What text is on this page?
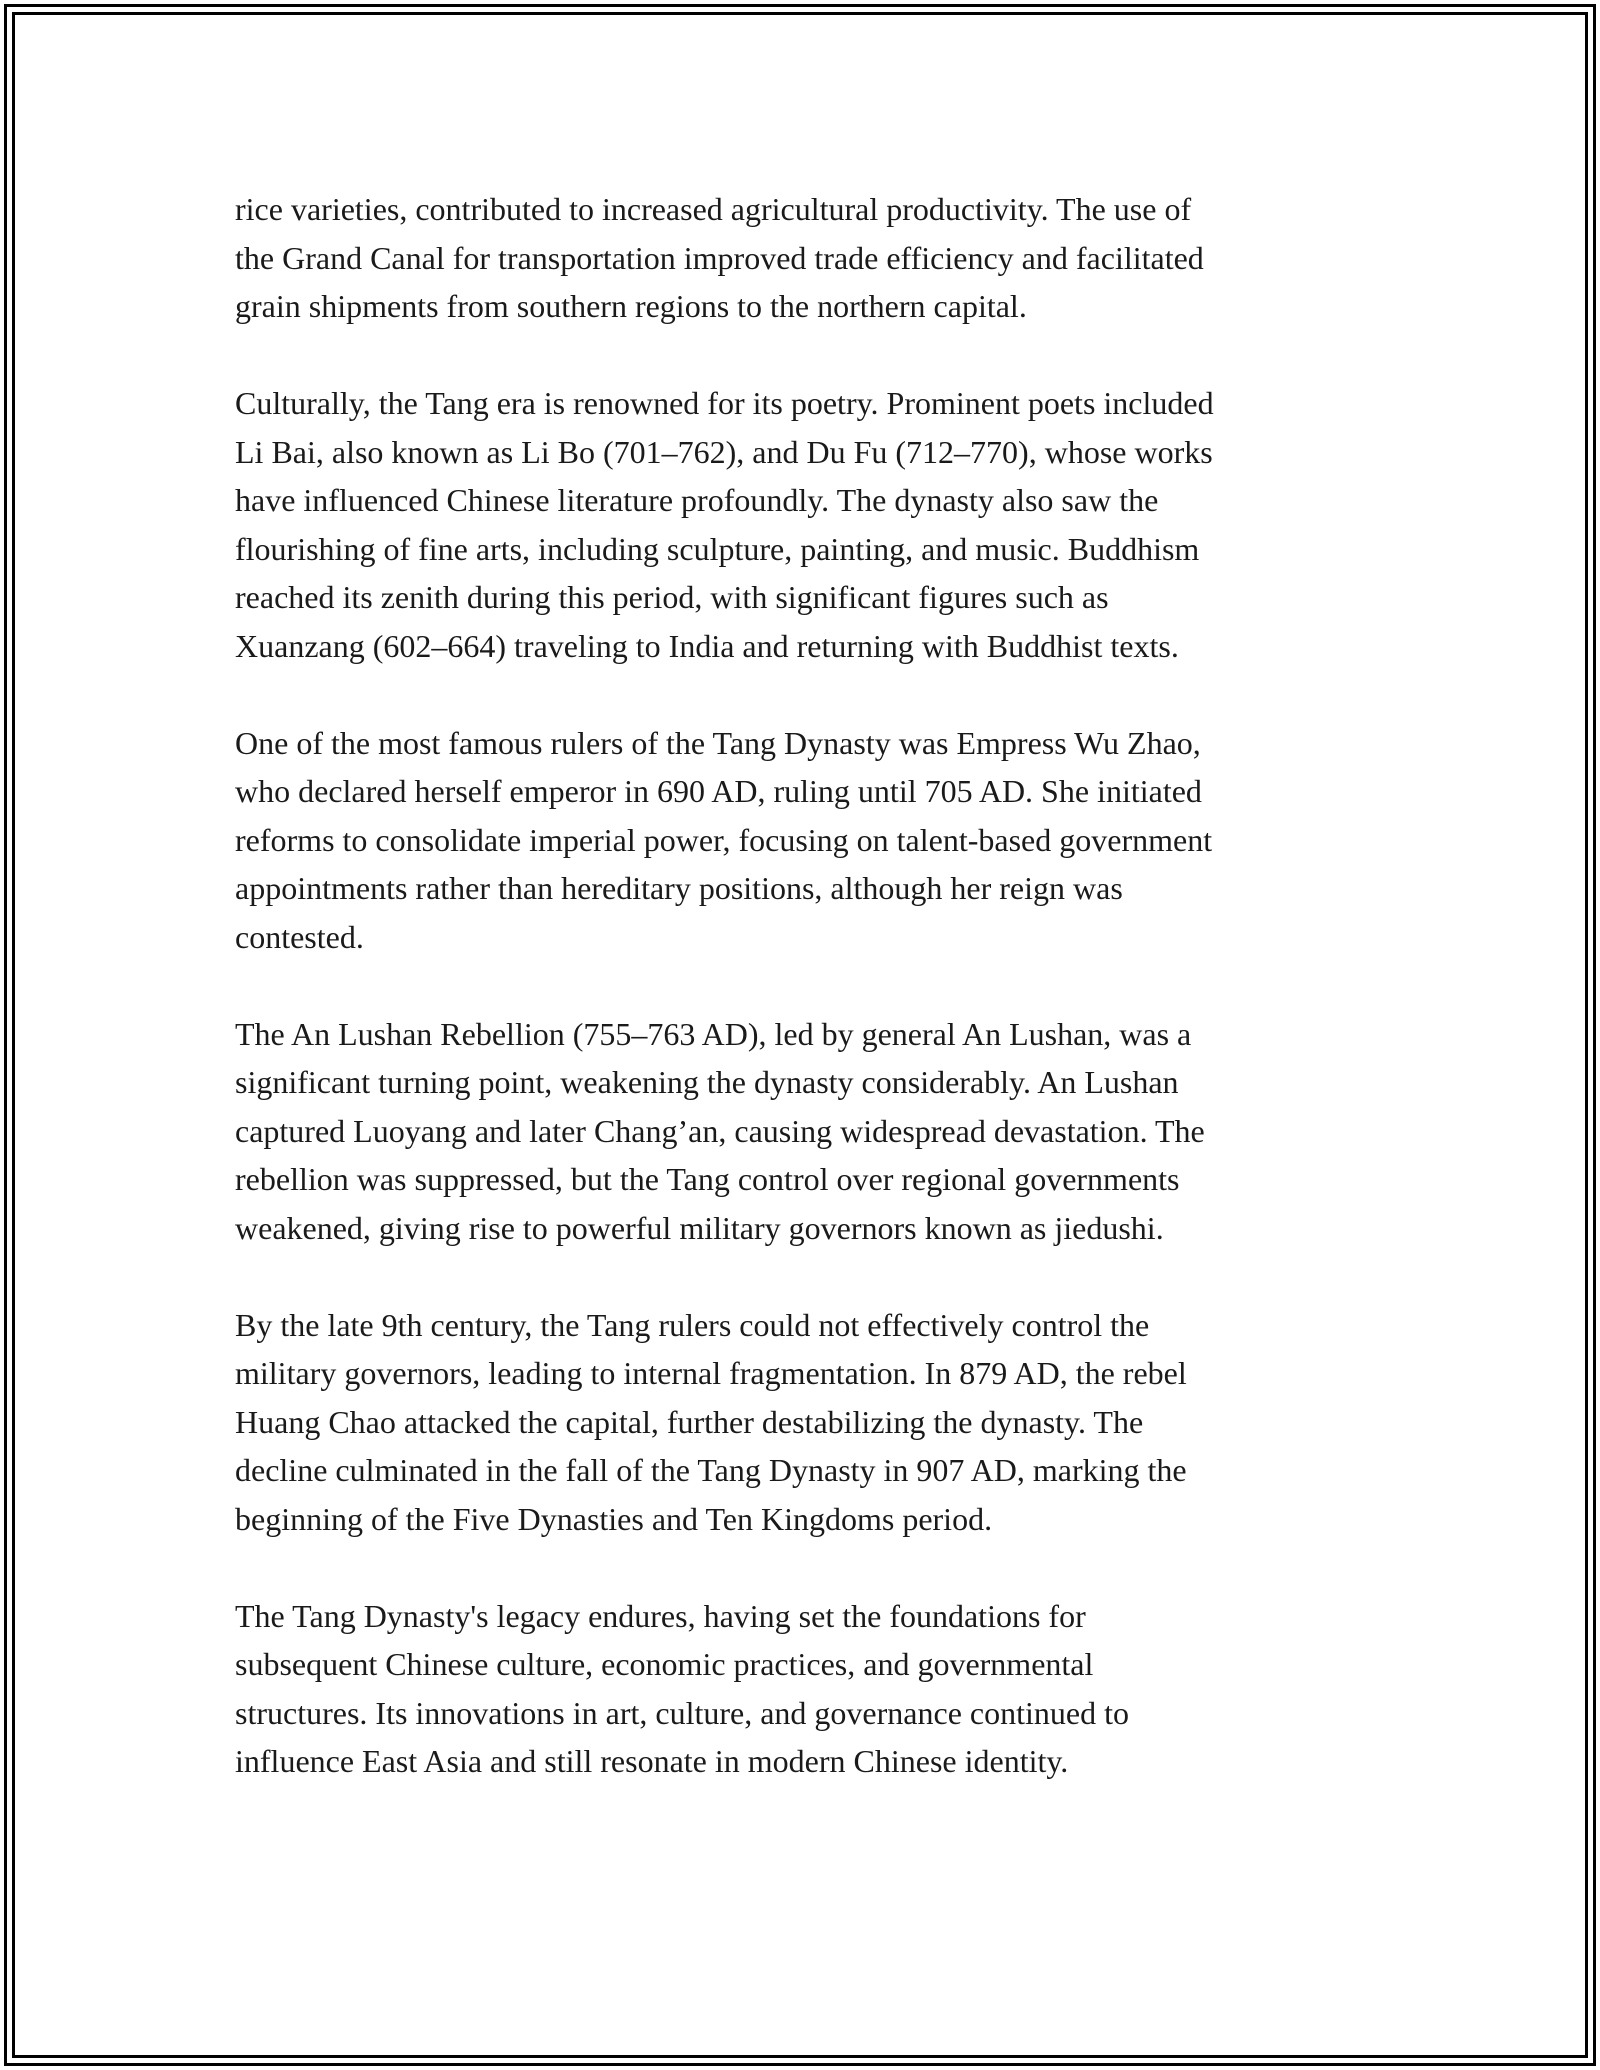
rice varieties, contributed to increased agricultural productivity. The use of
the Grand Canal for transportation improved trade efficiency and facilitated
grain shipments from southern regions to the northern capital.

Culturally, the Tang era is renowned for its poetry. Prominent poets included
Li Bai, also known as Li Bo (701–762), and Du Fu (712–770), whose works
have influenced Chinese literature profoundly. The dynasty also saw the
flourishing of fine arts, including sculpture, painting, and music. Buddhism
reached its zenith during this period, with significant figures such as
Xuanzang (602–664) traveling to India and returning with Buddhist texts.

One of the most famous rulers of the Tang Dynasty was Empress Wu Zhao,
who declared herself emperor in 690 AD, ruling until 705 AD. She initiated
reforms to consolidate imperial power, focusing on talent-based government
appointments rather than hereditary positions, although her reign was
contested.

The An Lushan Rebellion (755–763 AD), led by general An Lushan, was a
significant turning point, weakening the dynasty considerably. An Lushan
captured Luoyang and later Chang’an, causing widespread devastation. The
rebellion was suppressed, but the Tang control over regional governments
weakened, giving rise to powerful military governors known as jiedushi.

By the late 9th century, the Tang rulers could not effectively control the
military governors, leading to internal fragmentation. In 879 AD, the rebel
Huang Chao attacked the capital, further destabilizing the dynasty. The
decline culminated in the fall of the Tang Dynasty in 907 AD, marking the
beginning of the Five Dynasties and Ten Kingdoms period.

The Tang Dynasty's legacy endures, having set the foundations for
subsequent Chinese culture, economic practices, and governmental
structures. Its innovations in art, culture, and governance continued to
influence East Asia and still resonate in modern Chinese identity.
